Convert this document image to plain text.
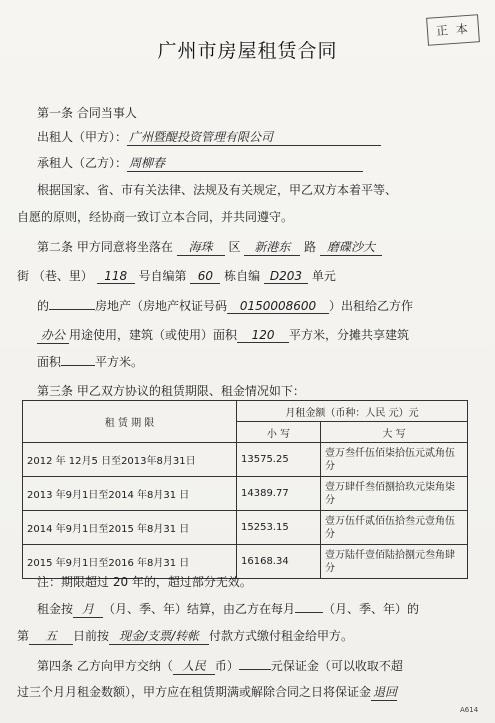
正 本
广州市房屋租赁合同
第一条 合同当事人
出租人（甲方）： 广州暨醍投资管理有限公司
承租人（乙方）： 周柳春
根据国家、省、市有关法律、法规及有关规定，甲乙双方本着平等、
自愿的原则，经协商一致订立本合同，并共同遵守。
第二条 甲方同意将坐落在 海珠 区 新港东 路 磨碟沙大
街 （巷、里） 118 号自编第 60 栋自编 D203 单元
的	房地产（房地产权证号码 0150008600 ）出租给乙方作
办公 用途使用，建筑（或使用）面积 120 平方米，分摊共享建筑
面积	平方米。
第三条 甲乙双方协议的租赁期限、租金情况如下：
租 赁 期 限	月租金额（币种：人民 元）元	
	小 写	大 写
2012 年 12月5 日至2013年8月31日	13575.25	壹万叁仟伍佰柒拾伍元贰角伍分
2013 年9月1日至2014 年8月31 日	14389.77	壹万肆仟叁佰捌拾玖元柒角柒分
2014 年9月1日至2015 年8月31 日	15253.15	壹万伍仟贰佰伍拾叁元壹角伍分
2015 年9月1日至2016 年8月31 日	16168.34	壹万陆仟壹佰陆拾捌元叁角肆分
注：期限超过 20 年的，超过部分无效。
租金按 月 （月、季、年）结算，由乙方在每月 （月、季、年）的
第 五 日前按 现金/支票/转帐 付款方式缴付租金给甲方。
第四条 乙方向甲方交纳（ 人民 币）	元保证金（可以收取不超
过三个月月租金数额），甲方应在租赁期满或解除合同之日将保证金 退回
A614
